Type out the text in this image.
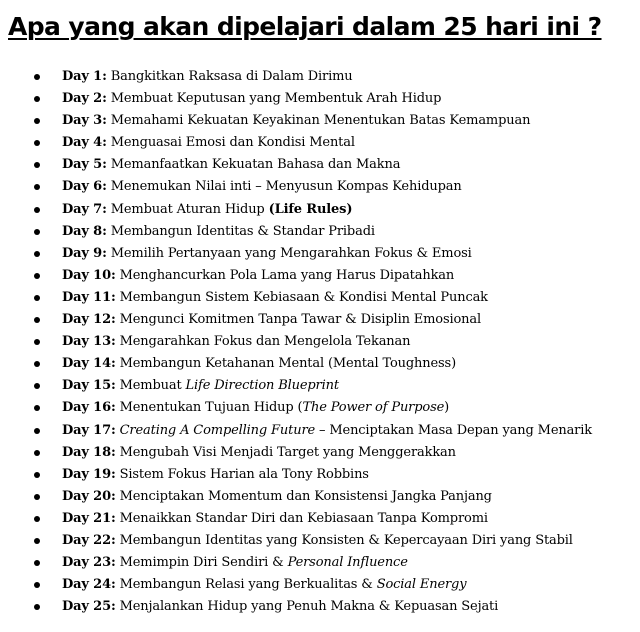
Apa yang akan dipelajari dalam 25 hari ini ?
Day 1: Bangkitkan Raksasa di Dalam Dirimu
Day 2: Membuat Keputusan yang Membentuk Arah Hidup
Day 3: Memahami Kekuatan Keyakinan Menentukan Batas Kemampuan
Day 4: Menguasai Emosi dan Kondisi Mental
Day 5: Memanfaatkan Kekuatan Bahasa dan Makna
Day 6: Menemukan Nilai inti – Menyusun Kompas Kehidupan
Day 7: Membuat Aturan Hidup (Life Rules)
Day 8: Membangun Identitas & Standar Pribadi
Day 9: Memilih Pertanyaan yang Mengarahkan Fokus & Emosi
Day 10: Menghancurkan Pola Lama yang Harus Dipatahkan
Day 11: Membangun Sistem Kebiasaan & Kondisi Mental Puncak
Day 12: Mengunci Komitmen Tanpa Tawar & Disiplin Emosional
Day 13: Mengarahkan Fokus dan Mengelola Tekanan
Day 14: Membangun Ketahanan Mental (Mental Toughness)
Day 15: Membuat Life Direction Blueprint
Day 16: Menentukan Tujuan Hidup (The Power of Purpose)
Day 17: Creating A Compelling Future – Menciptakan Masa Depan yang Menarik
Day 18: Mengubah Visi Menjadi Target yang Menggerakkan
Day 19: Sistem Fokus Harian ala Tony Robbins
Day 20: Menciptakan Momentum dan Konsistensi Jangka Panjang
Day 21: Menaikkan Standar Diri dan Kebiasaan Tanpa Kompromi
Day 22: Membangun Identitas yang Konsisten & Kepercayaan Diri yang Stabil
Day 23: Memimpin Diri Sendiri & Personal Influence
Day 24: Membangun Relasi yang Berkualitas & Social Energy
Day 25: Menjalankan Hidup yang Penuh Makna & Kepuasan Sejati
